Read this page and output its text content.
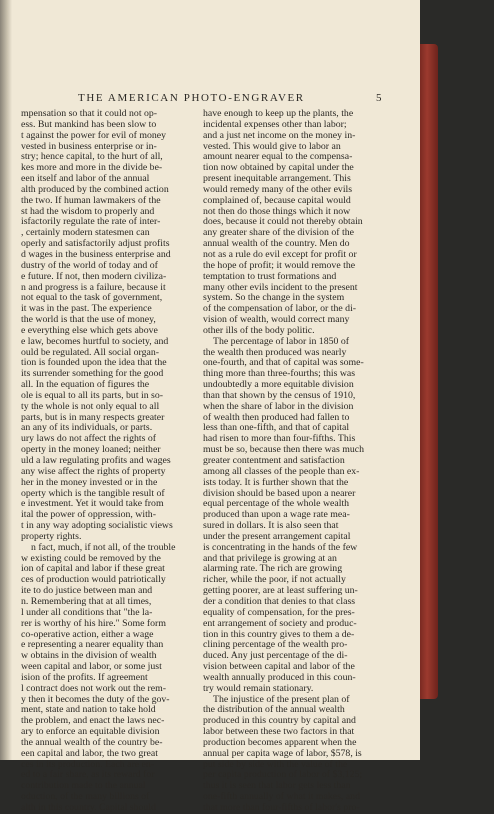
THE AMERICAN PHOTO-ENGRAVER	5
mpensation so that it could not op-
ess. But mankind has been slow to
t against the power for evil of money
vested in business enterprise or in-
stry; hence capital, to the hurt of all,
kes more and more in the divide be-
een itself and labor of the annual
alth produced by the combined action
the two. If human lawmakers of the
st had the wisdom to properly and
isfactorily regulate the rate of inter-
, certainly modern statesmen can
operly and satisfactorily adjust profits
d wages in the business enterprise and
dustry of the world of today and of
e future. If not, then modern civiliza-
n and progress is a failure, because it
not equal to the task of government,
it was in the past. The experience
the world is that the use of money,
e everything else which gets above
e law, becomes hurtful to society, and
ould be regulated. All social organ-
tion is founded upon the idea that the
its surrender something for the good
all. In the equation of figures the
ole is equal to all its parts, but in so-
ty the whole is not only equal to all
parts, but is in many respects greater
an any of its individuals, or parts.
ury laws do not affect the rights of
operty in the money loaned; neither
uld a law regulating profits and wages
any wise affect the rights of property
her in the money invested or in the
operty which is the tangible result of
e investment. Yet it would take from
ital the power of oppression, with-
t in any way adopting socialistic views
property rights.
n fact, much, if not all, of the trouble
w existing could be removed by the
ion of capital and labor if these great
ces of production would patriotically
ite to do justice between man and
n. Remembering that at all times,
l under all conditions that "the la-
rer is worthy of his hire." Some form
co-operative action, either a wage
e representing a nearer equality than
w obtains in the division of wealth
ween capital and labor, or some just
ision of the profits. If agreement
l contract does not work out the rem-
y then it becomes the duty of the gov-
ment, state and nation to take hold
the problem, and enact the laws nec-
ary to enforce an equitable division
the annual wealth of the country be-
een capital and labor, the two great
ces in its production. Each are en-
ed to a fair share, as its reward for
contribution made to the annual
oduction, of the many billions of
alth in this country. Capital should
have enough to keep up the plants, the
incidental expenses other than labor;
and a just net income on the money in-
vested. This would give to labor an
amount nearer equal to the compensa-
tion now obtained by capital under the
present inequitable arrangement. This
would remedy many of the other evils
complained of, because capital would
not then do those things which it now
does, because it could not thereby obtain
any greater share of the division of the
annual wealth of the country. Men do
not as a rule do evil except for profit or
the hope of profit; it would remove the
temptation to trust formations and
many other evils incident to the present
system. So the change in the system
of the compensation of labor, or the di-
vision of wealth, would correct many
other ills of the body politic.
The percentage of labor in 1850 of
the wealth then produced was nearly
one-fourth, and that of capital was some-
thing more than three-fourths; this was
undoubtedly a more equitable division
than that shown by the census of 1910,
when the share of labor in the division
of wealth then produced had fallen to
less than one-fifth, and that of capital
had risen to more than four-fifths. This
must be so, because then there was much
greater contentment and satisfaction
among all classes of the people than ex-
ists today. It is further shown that the
division should be based upon a nearer
equal percentage of the whole wealth
produced than upon a wage rate mea-
sured in dollars. It is also seen that
under the present arrangement capital
is concentrating in the hands of the few
and that privilege is growing at an
alarming rate. The rich are growing
richer, while the poor, if not actually
getting poorer, are at least suffering un-
der a condition that denies to that class
equality of compensation, for the pres-
ent arrangement of society and produc-
tion in this country gives to them a de-
clining percentage of the wealth pro-
duced. Any just percentage of the di-
vision between capital and labor of the
wealth annually produced in this coun-
try would remain stationary.
The injustice of the present plan of
the distribution of the annual wealth
produced in this country by capital and
labor between these two factors in that
production becomes apparent when the
annual per capita wage of labor, $578, is
put side by side with the value of the
per capita production of labor of $3,125;
thus it is seen that labor gets less than
one-fifth annually of what it makes, and
that more than four-fifths of labor's pro-
